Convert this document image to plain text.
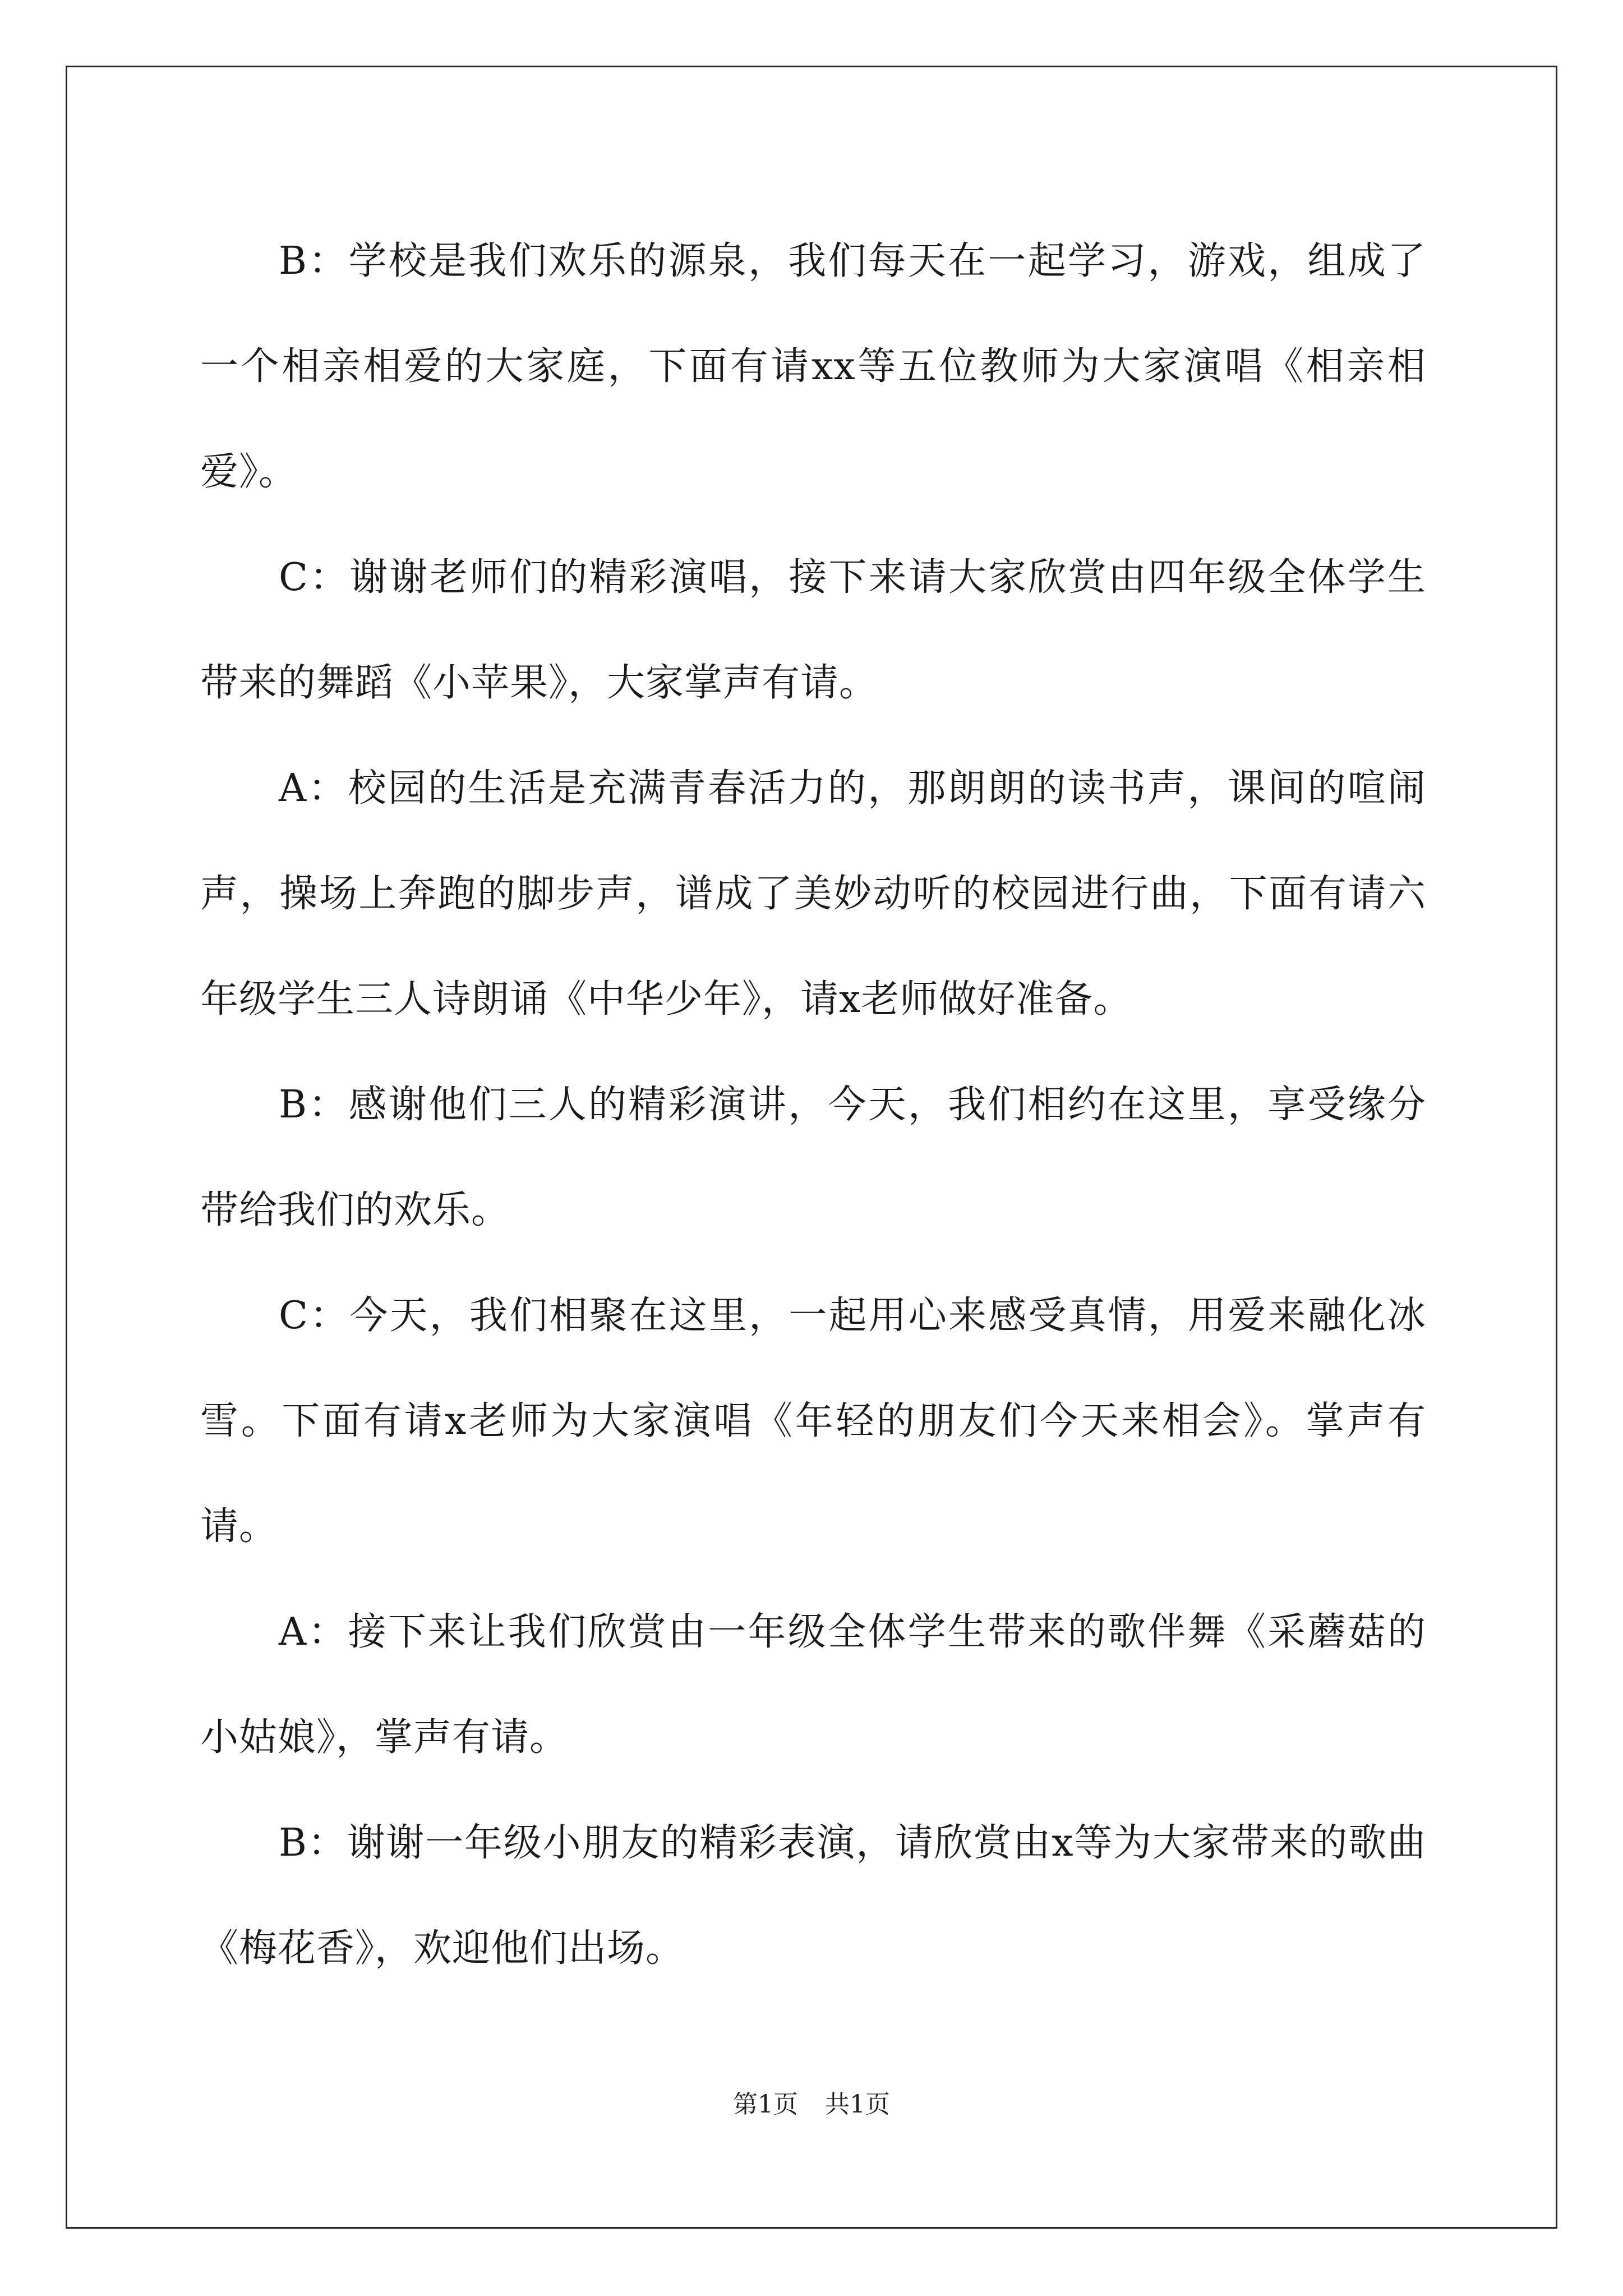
B：学校是我们欢乐的源泉，我们每天在一起学习，游戏，组成了一个相亲相爱的大家庭，下面有请xx等五位教师为大家演唱《相亲相爱》。

C：谢谢老师们的精彩演唱，接下来请大家欣赏由四年级全体学生带来的舞蹈《小苹果》，大家掌声有请。

A：校园的生活是充满青春活力的，那朗朗的读书声，课间的喧闹声，操场上奔跑的脚步声，谱成了美妙动听的校园进行曲，下面有请六年级学生三人诗朗诵《中华少年》，请x老师做好准备。

B：感谢他们三人的精彩演讲，今天，我们相约在这里，享受缘分带给我们的欢乐。

C：今天，我们相聚在这里，一起用心来感受真情，用爱来融化冰雪。下面有请x老师为大家演唱《年轻的朋友们今天来相会》。掌声有请。

A：接下来让我们欣赏由一年级全体学生带来的歌伴舞《采蘑菇的小姑娘》，掌声有请。

B：谢谢一年级小朋友的精彩表演，请欣赏由x等为大家带来的歌曲《梅花香》，欢迎他们出场。

第1页 共1页
